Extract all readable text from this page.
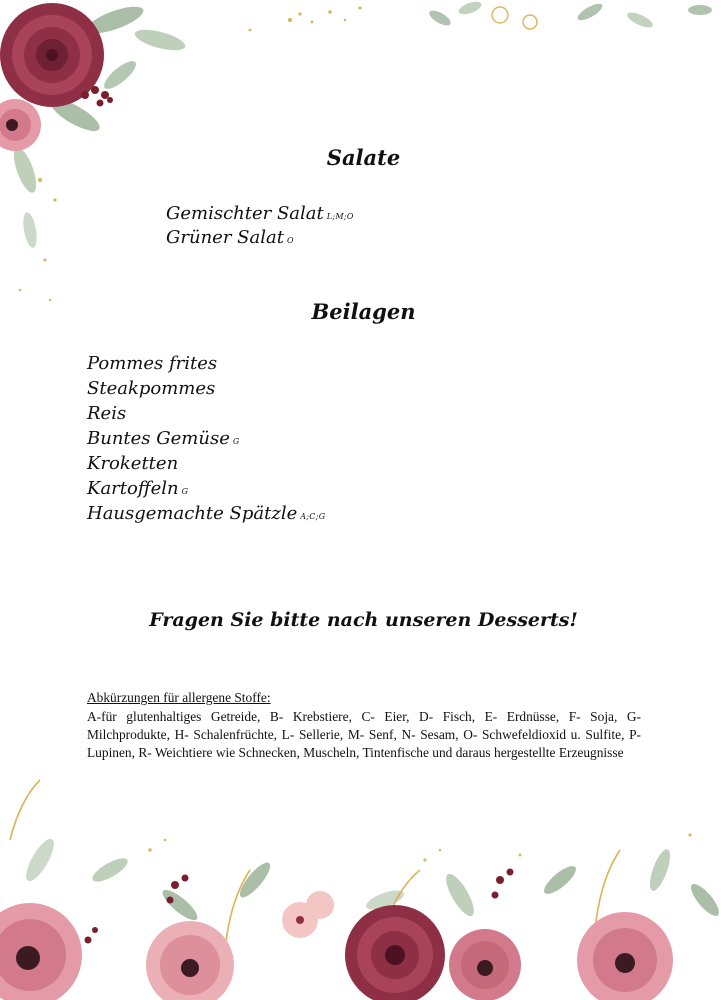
Salate
Gemischter Salat L;M;O
Grüner Salat O
Beilagen
Pommes frites
Steakpommes
Reis
Buntes Gemüse G
Kroketten
Kartoffeln G
Hausgemachte Spätzle A;C;G
Fragen Sie bitte nach unseren Desserts!
Abkürzungen für allergene Stoffe:
A-für glutenhaltiges Getreide, B- Krebstiere, C- Eier, D- Fisch, E- Erdnüsse, F- Soja, G- Milchprodukte, H- Schalenfrüchte, L- Sellerie, M- Senf, N- Sesam, O- Schwefeldioxid u. Sulfite, P- Lupinen, R- Weichtiere wie Schnecken, Muscheln, Tintenfische und daraus hergestellte Erzeugnisse
